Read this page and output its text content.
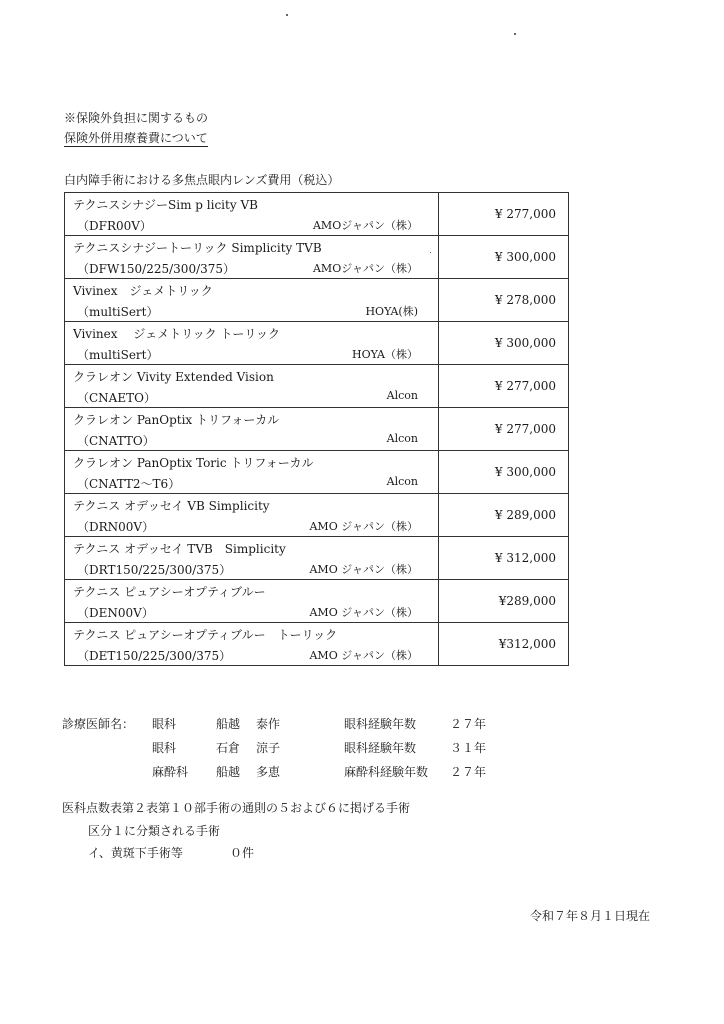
※保険外負担に関するもの
保険外併用療養費について
白内障手術における多焦点眼内レンズ費用（税込）
テクニスシナジーSim p licity VB
（DFR00V） AMOジャパン（株）	¥ 277,000

テクニスシナジートーリック Simplicity TVB
（DFW150/225/300/375） AMOジャパン（株）	¥ 300,000

Vivinex　ジェメトリック
（multiSert） HOYA(株)	¥ 278,000

Vivinex　 ジェメトリック トーリック
（multiSert） HOYA（株）	¥ 300,000

クラレオン Vivity Extended Vision
（CNAETO） Alcon	¥ 277,000

クラレオン PanOptix トリフォーカル
（CNATTO） Alcon	¥ 277,000

クラレオン PanOptix Toric トリフォーカル
（CNATT2～T6） Alcon	¥ 300,000

テクニス オデッセイ VB Simplicity
（DRN00V） AMO ジャパン（株）	¥ 289,000

テクニス オデッセイ TVB　Simplicity
（DRT150/225/300/375） AMO ジャパン（株）	¥ 312,000

テクニス ピュアシーオプティブルー
（DEN00V） AMO ジャパン（株）	¥289,000

テクニス ピュアシーオプティブルー　トーリック
（DET150/225/300/375） AMO ジャパン（株）	¥312,000
診療医師名： 眼科	船越 泰作	眼科経験年数	２７年
眼科	石倉 涼子	眼科経験年数	３１年
麻酔科 船越 多恵	麻酔科経験年数 ２７年
医科点数表第２表第１０部手術の通則の５および６に掲げる手術
区分１に分類される手術
イ、黄斑下手術等	０件
令和７年８月１日現在
